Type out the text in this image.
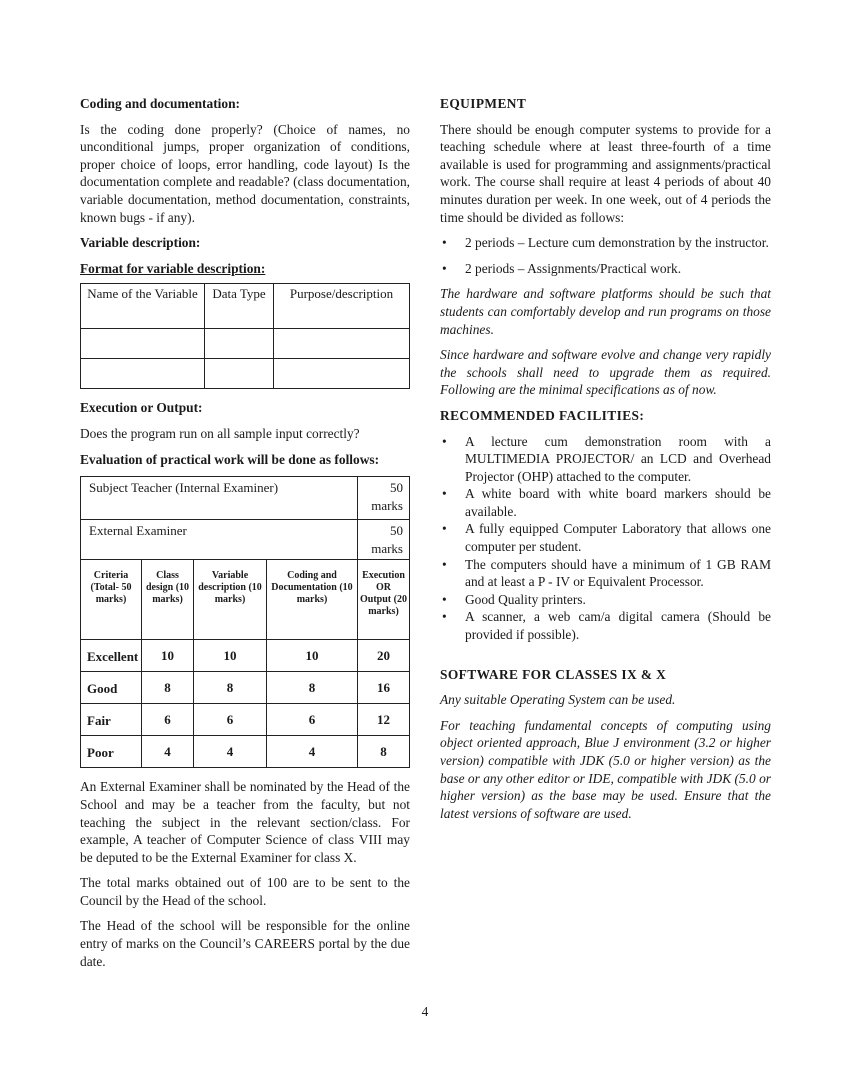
Coding and documentation:

Is the coding done properly? (Choice of names, no unconditional jumps, proper organization of conditions, proper choice of loops, error handling, code layout) Is the documentation complete and readable? (class documentation, variable documentation, method documentation, constraints, known bugs - if any).

Variable description:
Format for variable description:
Name of the Variable	Data Type	Purpose/description

Execution or Output:

Does the program run on all sample input correctly?

Evaluation of practical work will be done as follows:

Subject Teacher (Internal Examiner)				50 marks
External Examiner				50 marks
Criteria (Total- 50 marks)	Class design (10 marks)	Variable description (10 marks)	Coding and Documentation (10 marks)	Execution OR Output (20 marks)
Excellent	10	10	10	20
Good	8	8	8	16
Fair	6	6	6	12
Poor	4	4	4	8

An External Examiner shall be nominated by the Head of the School and may be a teacher from the faculty, but not teaching the subject in the relevant section/class. For example, A teacher of Computer Science of class VIII may be deputed to be the External Examiner for class X.

The total marks obtained out of 100 are to be sent to the Council by the Head of the school.

The Head of the school will be responsible for the online entry of marks on the Council’s CAREERS portal by the due date.

EQUIPMENT

There should be enough computer systems to provide for a teaching schedule where at least three-fourth of a time available is used for programming and assignments/practical work. The course shall require at least 4 periods of about 40 minutes duration per week. In one week, out of 4 periods the time should be divided as follows:

• 2 periods – Lecture cum demonstration by the instructor.
• 2 periods – Assignments/Practical work.

The hardware and software platforms should be such that students can comfortably develop and run programs on those machines.

Since hardware and software evolve and change very rapidly the schools shall need to upgrade them as required. Following are the minimal specifications as of now.

RECOMMENDED FACILITIES:
• A lecture cum demonstration room with a MULTIMEDIA PROJECTOR/ an LCD and Overhead Projector (OHP) attached to the computer.
• A white board with white board markers should be available.
• A fully equipped Computer Laboratory that allows one computer per student.
• The computers should have a minimum of 1 GB RAM and at least a P - IV or Equivalent Processor.
• Good Quality printers.
• A scanner, a web cam/a digital camera (Should be provided if possible).
SOFTWARE FOR CLASSES IX & X

Any suitable Operating System can be used.

For teaching fundamental concepts of computing using object oriented approach, Blue J environment (3.2 or higher version) compatible with JDK (5.0 or higher version) as the base or any other editor or IDE, compatible with JDK (5.0 or higher version) as the base may be used. Ensure that the latest versions of software are used.

4
